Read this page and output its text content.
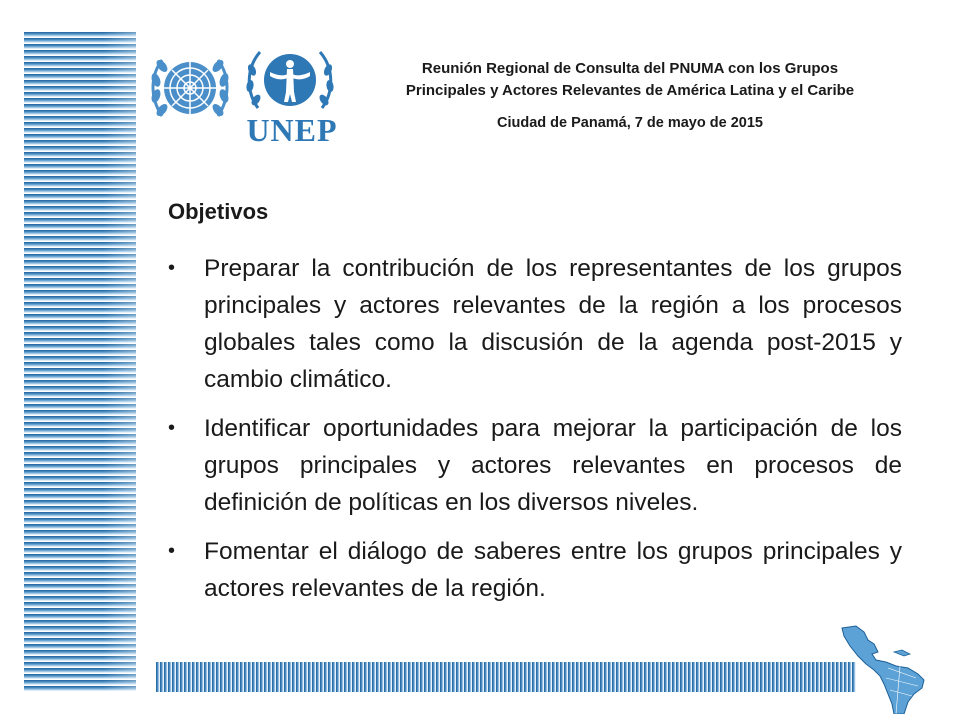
UNEP
Reunión Regional de Consulta del PNUMA con los Grupos
Principales y Actores Relevantes de América Latina y el Caribe
Ciudad de Panamá, 7 de mayo de 2015
Objetivos
• Preparar la contribución de los representantes de los grupos principales y actores relevantes de la región a los procesos globales tales como la discusión de la agenda post-2015 y cambio climático.
• Identificar oportunidades para mejorar la participación de los grupos principales y actores relevantes en procesos de definición de políticas en los diversos niveles.
• Fomentar el diálogo de saberes entre los grupos principales y actores relevantes de la región.
